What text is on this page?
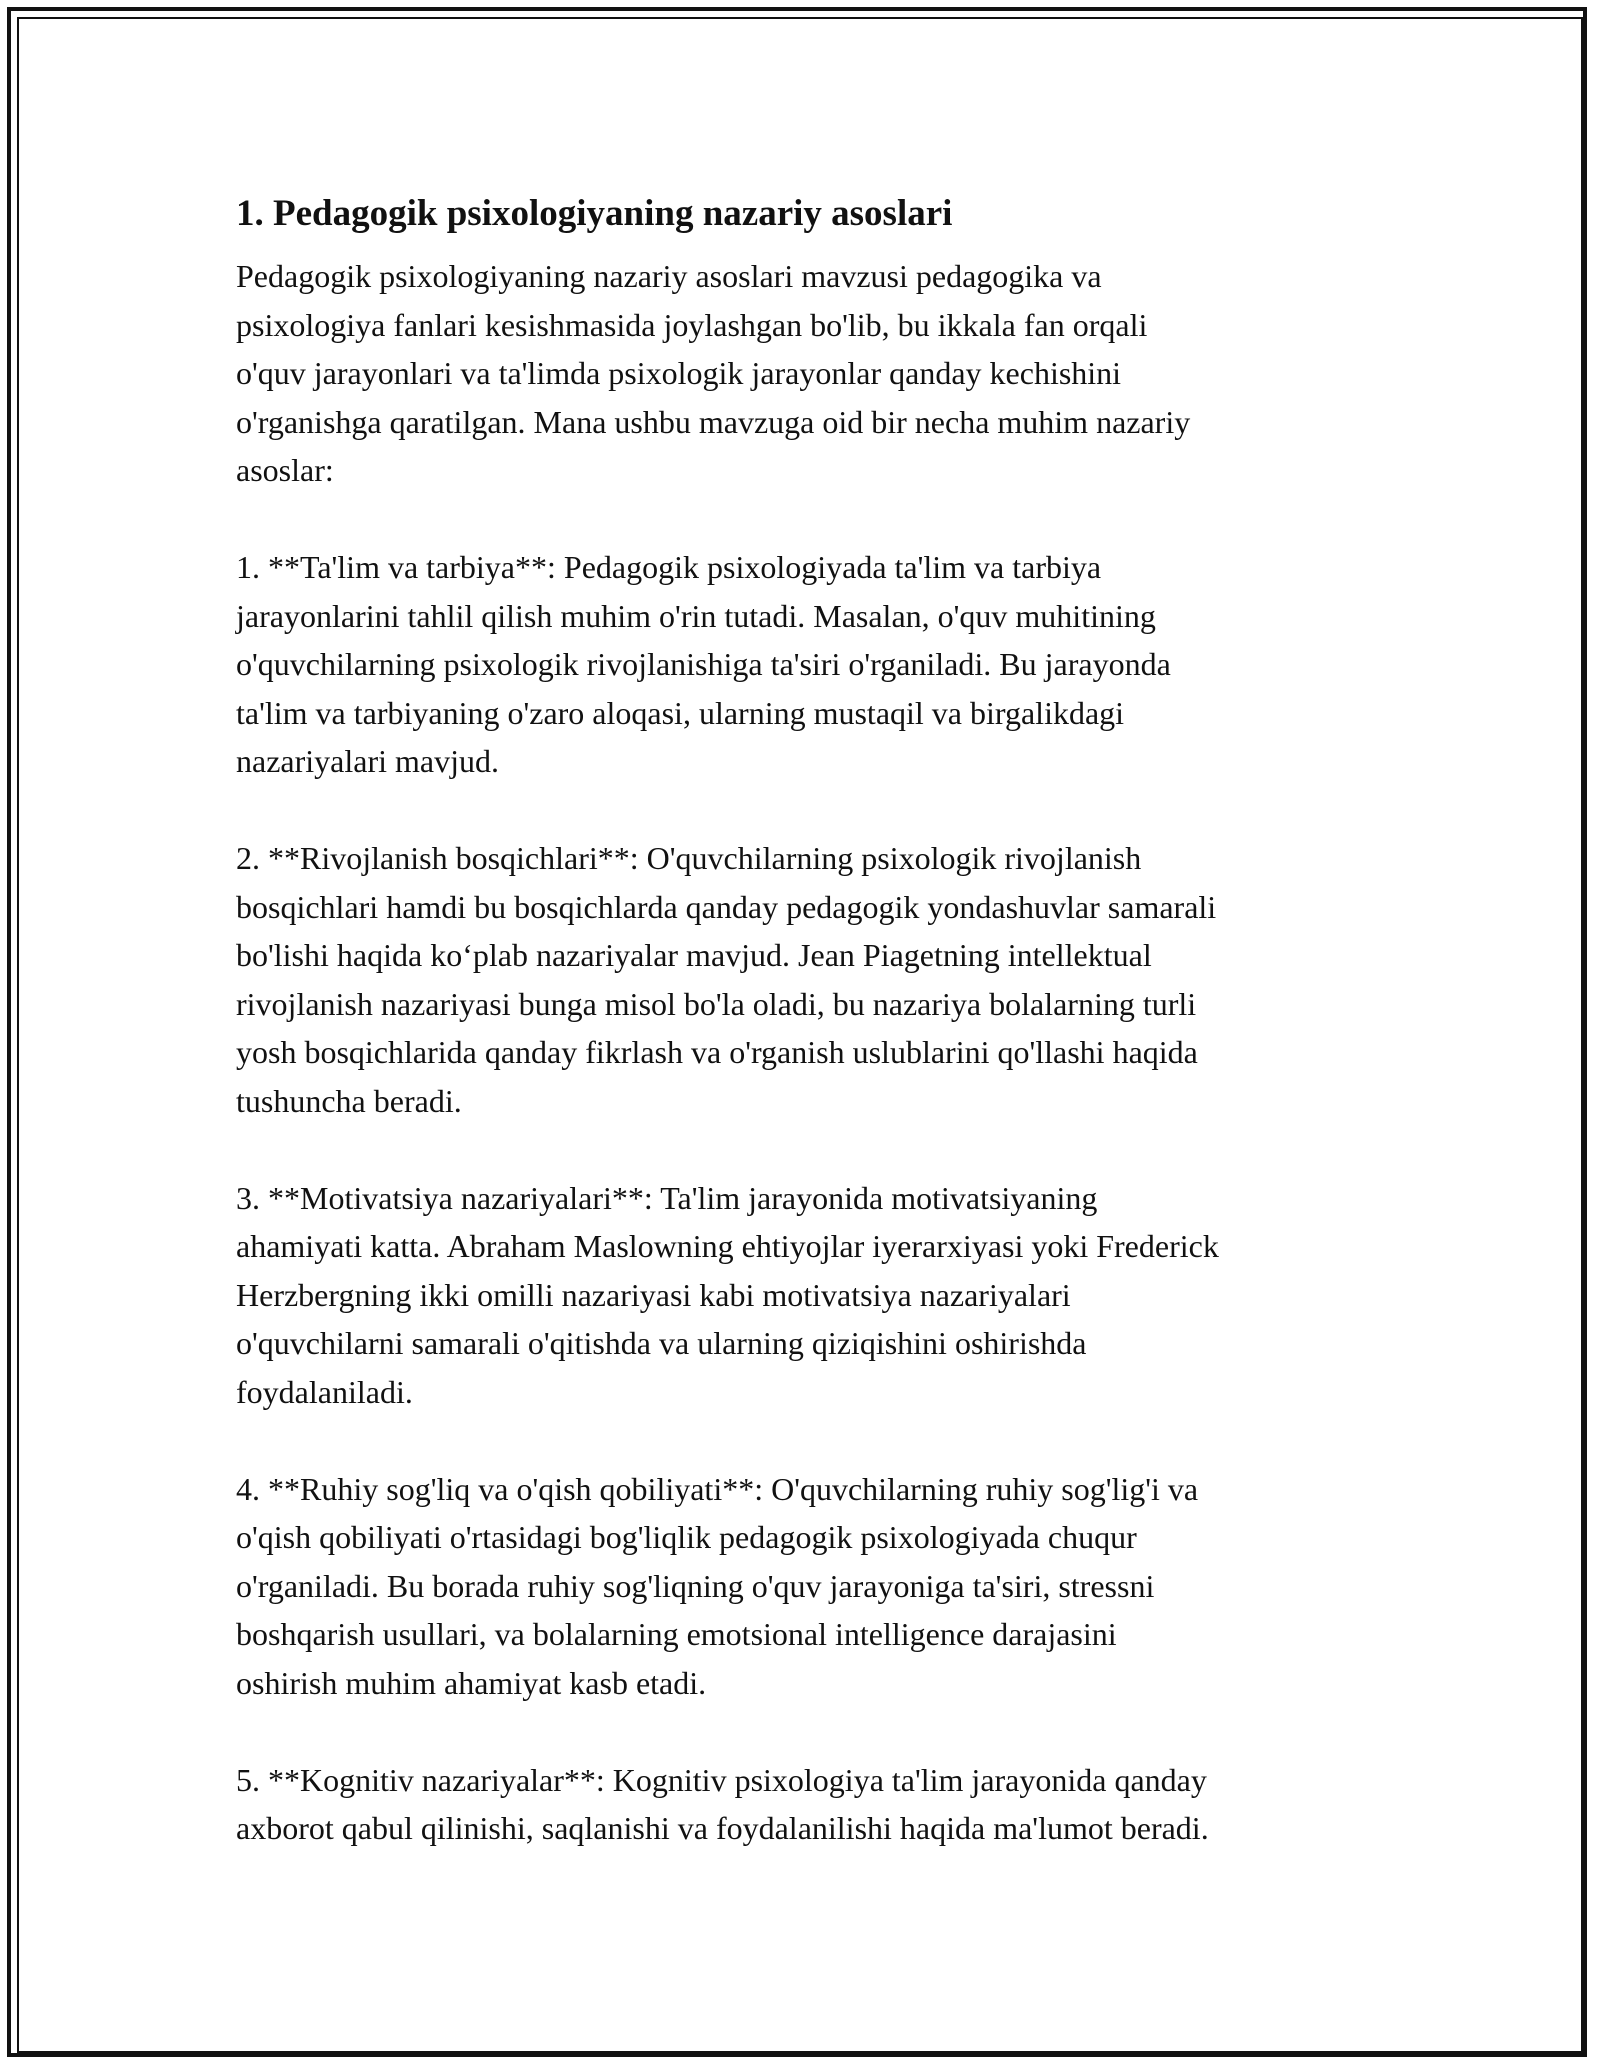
1. Pedagogik psixologiyaning nazariy asoslari
Pedagogik psixologiyaning nazariy asoslari mavzusi pedagogika va
psixologiya fanlari kesishmasida joylashgan bo'lib, bu ikkala fan orqali
o'quv jarayonlari va ta'limda psixologik jarayonlar qanday kechishini
o'rganishga qaratilgan. Mana ushbu mavzuga oid bir necha muhim nazariy
asoslar:

1. **Ta'lim va tarbiya**: Pedagogik psixologiyada ta'lim va tarbiya
jarayonlarini tahlil qilish muhim o'rin tutadi. Masalan, o'quv muhitining
o'quvchilarning psixologik rivojlanishiga ta'siri o'rganiladi. Bu jarayonda
ta'lim va tarbiyaning o'zaro aloqasi, ularning mustaqil va birgalikdagi
nazariyalari mavjud.

2. **Rivojlanish bosqichlari**: O'quvchilarning psixologik rivojlanish
bosqichlari hamdi bu bosqichlarda qanday pedagogik yondashuvlar samarali
bo'lishi haqida ko‘plab nazariyalar mavjud. Jean Piagetning intellektual
rivojlanish nazariyasi bunga misol bo'la oladi, bu nazariya bolalarning turli
yosh bosqichlarida qanday fikrlash va o'rganish uslublarini qo'llashi haqida
tushuncha beradi.

3. **Motivatsiya nazariyalari**: Ta'lim jarayonida motivatsiyaning
ahamiyati katta. Abraham Maslowning ehtiyojlar iyerarxiyasi yoki Frederick
Herzbergning ikki omilli nazariyasi kabi motivatsiya nazariyalari
o'quvchilarni samarali o'qitishda va ularning qiziqishini oshirishda
foydalaniladi.

4. **Ruhiy sog'liq va o'qish qobiliyati**: O'quvchilarning ruhiy sog'lig'i va
o'qish qobiliyati o'rtasidagi bog'liqlik pedagogik psixologiyada chuqur
o'rganiladi. Bu borada ruhiy sog'liqning o'quv jarayoniga ta'siri, stressni
boshqarish usullari, va bolalarning emotsional intelligence darajasini
oshirish muhim ahamiyat kasb etadi.

5. **Kognitiv nazariyalar**: Kognitiv psixologiya ta'lim jarayonida qanday
axborot qabul qilinishi, saqlanishi va foydalanilishi haqida ma'lumot beradi.
